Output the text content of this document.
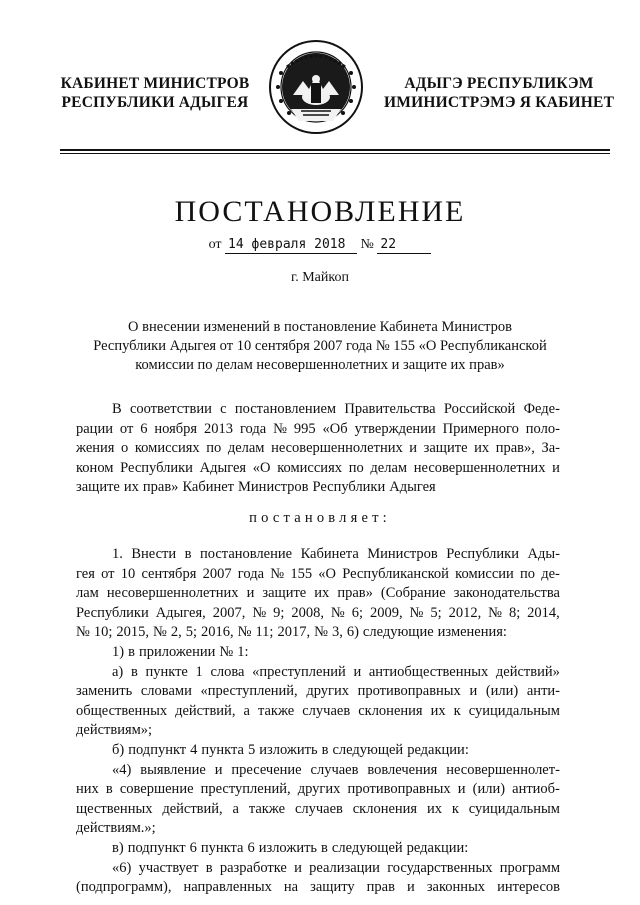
КАБИНЕТ МИНИСТРОВ
РЕСПУБЛИКИ АДЫГЕЯ
АДЫГЭ РЕСПУБЛИКЭМ
ИМИНИСТРЭМЭ Я КАБИНЕТ
ПОСТАНОВЛЕНИЕ
от 14 февраля 2018 № 22
г. Майкоп
О внесении изменений в постановление Кабинета Министров
Республики Адыгея от 10 сентября 2007 года № 155 «О Республиканской
комиссии по делам несовершеннолетних и защите их прав»
В соответствии с постановлением Правительства Российской Феде-
рации от 6 ноября 2013 года № 995 «Об утверждении Примерного поло-
жения о комиссиях по делам несовершеннолетних и защите их прав», За-
коном Республики Адыгея «О комиссиях по делам несовершеннолетних и
защите их прав» Кабинет Министров Республики Адыгея
постановляет:
1. Внести в постановление Кабинета Министров Республики Ады-
гея от 10 сентября 2007 года № 155 «О Республиканской комиссии по де-
лам несовершеннолетних и защите их прав» (Собрание законодательства
Республики Адыгея, 2007, № 9; 2008, № 6; 2009, № 5; 2012, № 8; 2014,
№ 10; 2015, № 2, 5; 2016, № 11; 2017, № 3, 6) следующие изменения:
1) в приложении № 1:
а) в пункте 1 слова «преступлений и антиобщественных действий»
заменить словами «преступлений, других противоправных и (или) анти-
общественных действий, а также случаев склонения их к суицидальным
действиям»;
б) подпункт 4 пункта 5 изложить в следующей редакции:
«4) выявление и пресечение случаев вовлечения несовершеннолет-
них в совершение преступлений, других противоправных и (или) антиоб-
щественных действий, а также случаев склонения их к суицидальным
действиям.»;
в) подпункт 6 пункта 6 изложить в следующей редакции:
«6) участвует в разработке и реализации государственных программ
(подпрограмм), направленных на защиту прав и законных интересов
